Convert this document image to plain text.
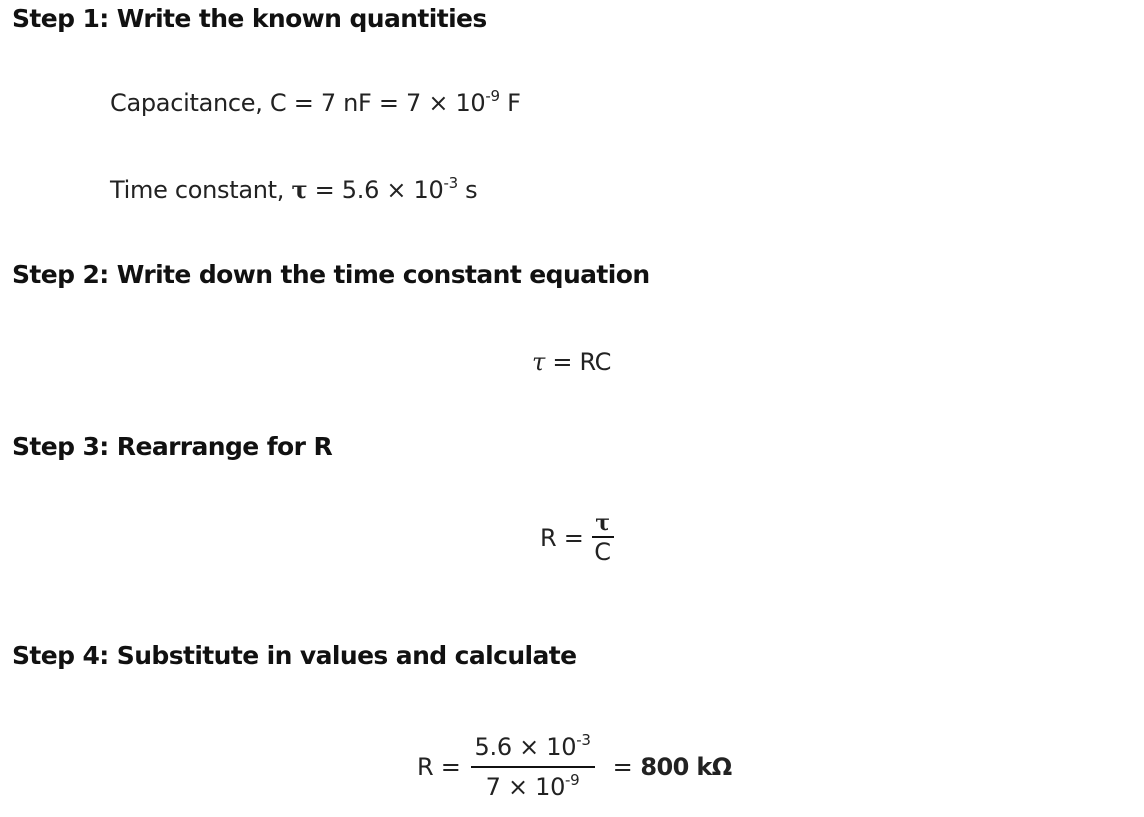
Step 1: Write the known quantities
Capacitance, C = 7 nF = $7 \times 10^{-9}$ F
Time constant, $\tau = 5.6 \times 10^{-3}$ s
Step 2: Write down the time constant equation
τ = RC
Step 3: Rearrange for R
$R = \frac{\tau}{C}$
Step 4: Substitute in values and calculate
$R = \frac{5.6 \times 10^{-3}}{7 \times 10^{-9}} = 800$ kΩ
